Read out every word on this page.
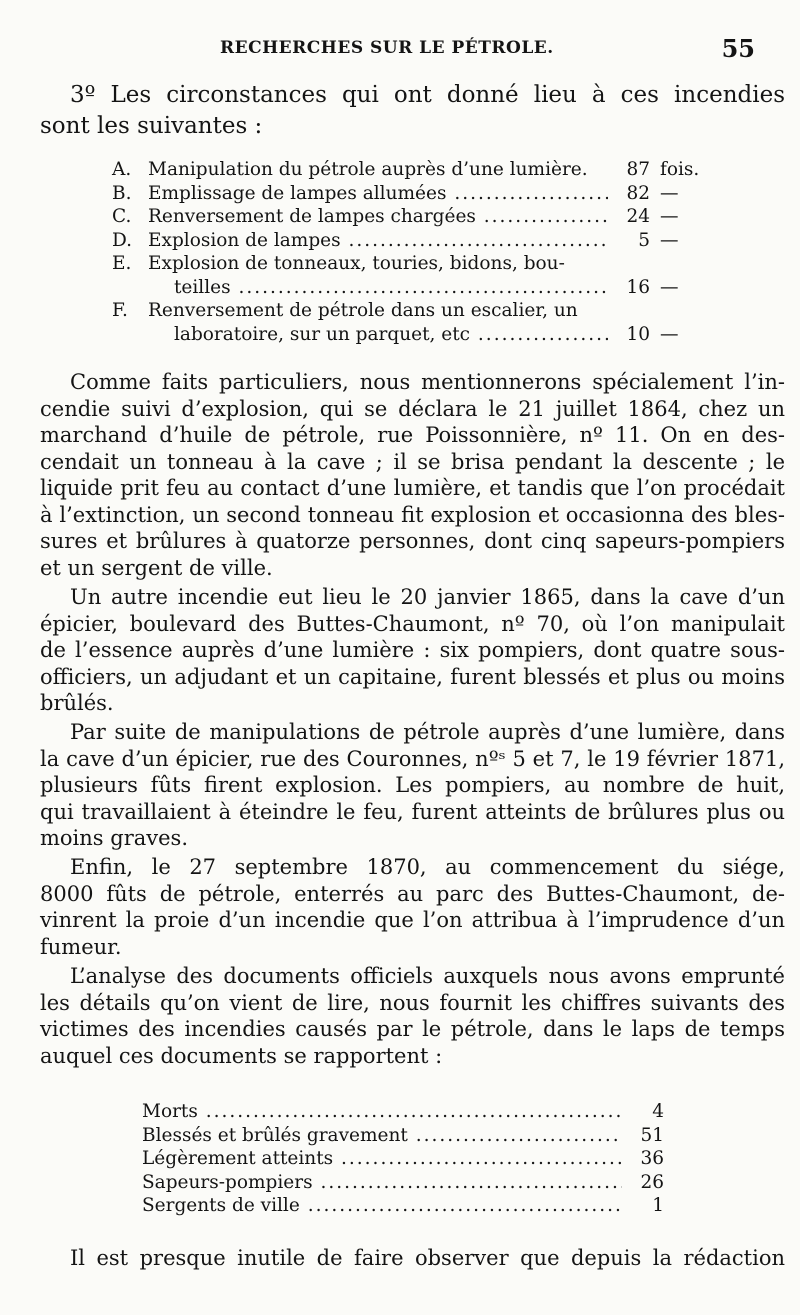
RECHERCHES SUR LE PÉTROLE.	55
3º Les circonstances qui ont donné lieu à ces incendies
sont les suivantes :
A. Manipulation du pétrole auprès d’une lumière.	87 fois.
B. Emplissage de lampes allumées .....	82 —
C. Renversement de lampes chargées .....	24 —
D. Explosion de lampes .....	5 —
E. Explosion de tonneaux, touries, bidons, bou-
teilles .....	16 —
F.	Renversement de pétrole dans un escalier, un
laboratoire, sur un parquet, etc .....	10 —
Comme faits particuliers, nous mentionnerons spécialement l’in-
cendie suivi d’explosion, qui se déclara le 21 juillet 1864, chez un
marchand d’huile de pétrole, rue Poissonnière, nº 11. On en des-
cendait un tonneau à la cave ; il se brisa pendant la descente ; le
liquide prit feu au contact d’une lumière, et tandis que l’on procédait
à l’extinction, un second tonneau fit explosion et occasionna des bles-
sures et brûlures à quatorze personnes, dont cinq sapeurs-pompiers
et un sergent de ville.
Un autre incendie eut lieu le 20 janvier 1865, dans la cave d’un
épicier, boulevard des Buttes-Chaumont, nº 70, où l’on manipulait
de l’essence auprès d’une lumière : six pompiers, dont quatre sous-
officiers, un adjudant et un capitaine, furent blessés et plus ou moins
brûlés.
Par suite de manipulations de pétrole auprès d’une lumière, dans
la cave d’un épicier, rue des Couronnes, nºˢ 5 et 7, le 19 février 1871,
plusieurs fûts firent explosion. Les pompiers, au nombre de huit,
qui travaillaient à éteindre le feu, furent atteints de brûlures plus ou
moins graves.
Enfin, le 27 septembre 1870, au commencement du siége,
8000 fûts de pétrole, enterrés au parc des Buttes-Chaumont, de-
vinrent la proie d’un incendie que l’on attribua à l’imprudence d’un
fumeur.
L’analyse des documents officiels auxquels nous avons emprunté
les détails qu’on vient de lire, nous fournit les chiffres suivants des
victimes des incendies causés par le pétrole, dans le laps de temps
auquel ces documents se rapportent :
Morts .....	4
Blessés et brûlés gravement .....	51
Légèrement atteints .....	36
Sapeurs-pompiers .....	26
Sergents de ville .....	1
Il est presque inutile de faire observer que depuis la rédaction
